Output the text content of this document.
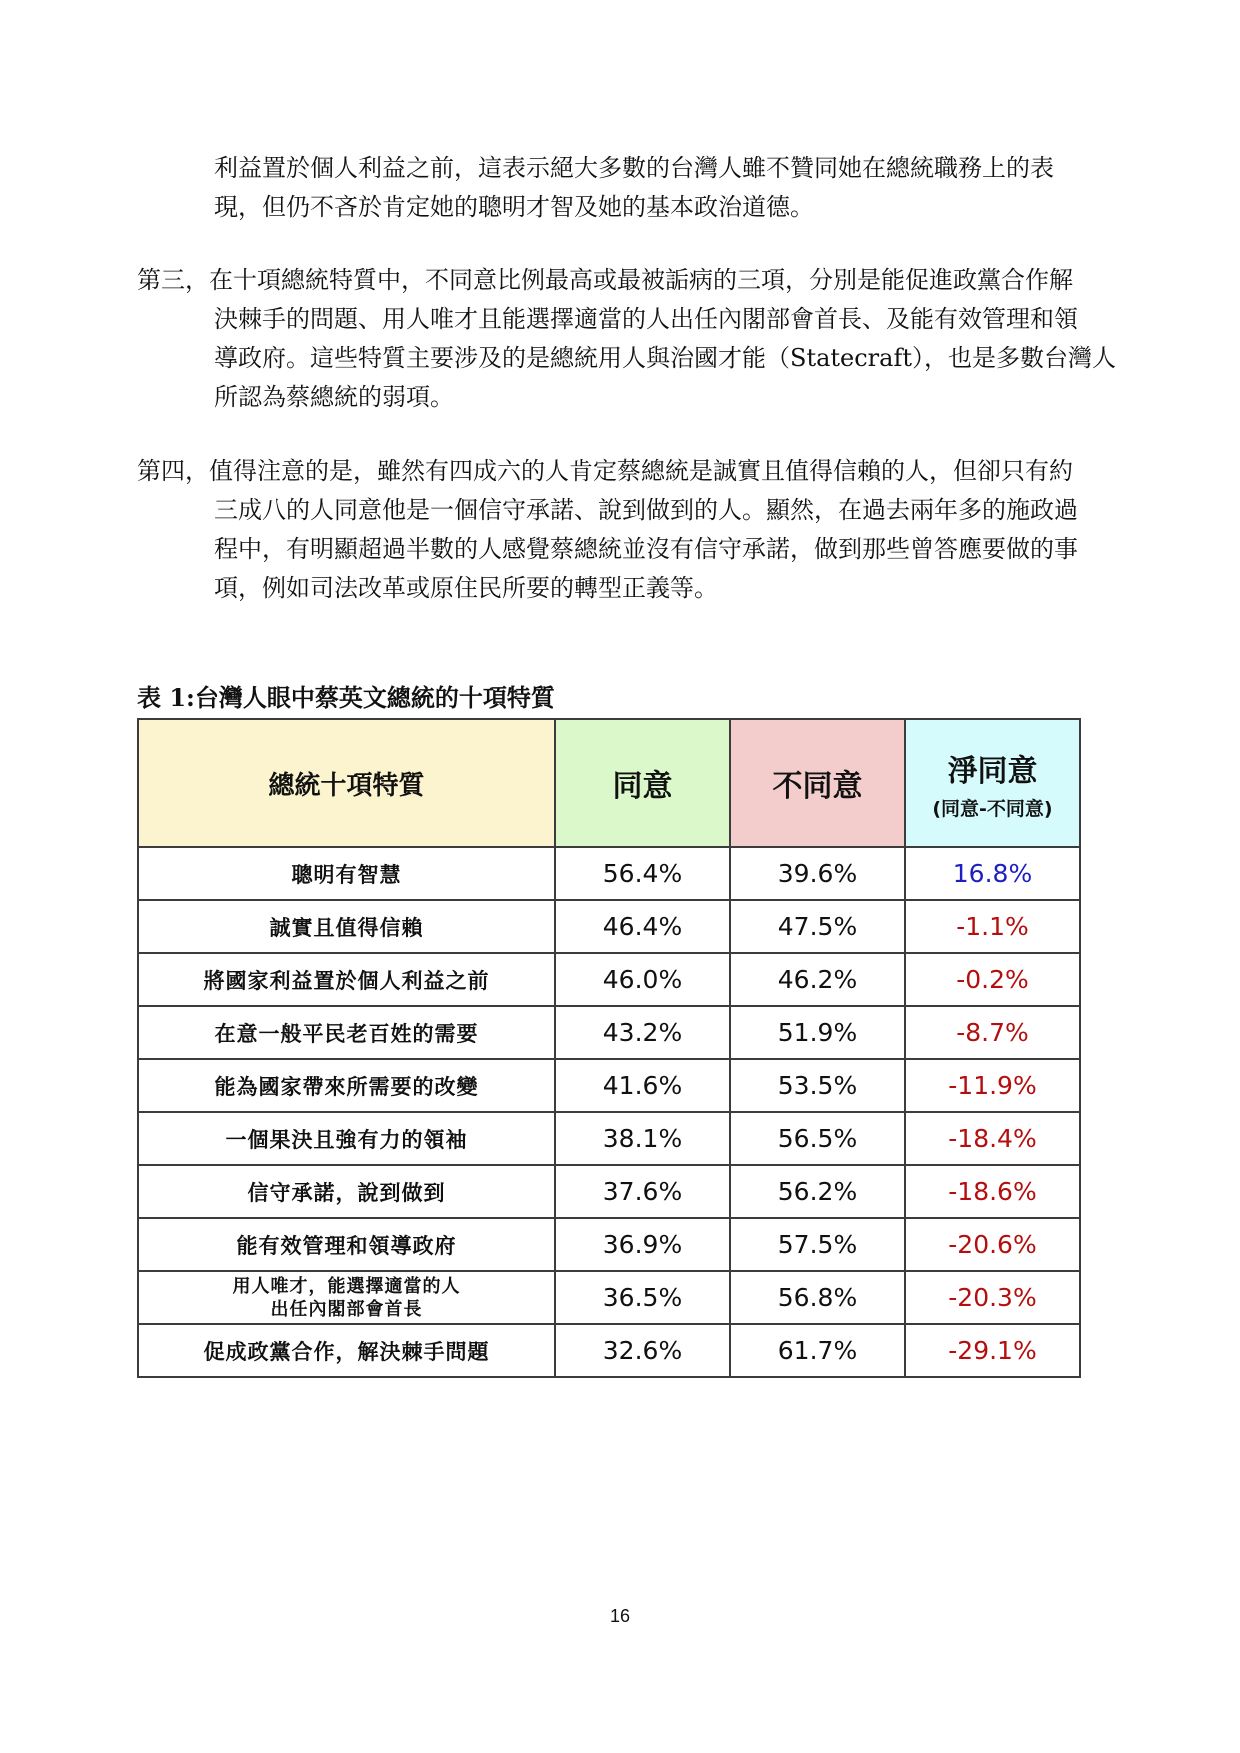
利益置於個人利益之前，這表示絕大多數的台灣人雖不贊同她在總統職務上的表
現，但仍不吝於肯定她的聰明才智及她的基本政治道德。
第三，在十項總統特質中，不同意比例最高或最被詬病的三項，分別是能促進政黨合作解
決棘手的問題、用人唯才且能選擇適當的人出任內閣部會首長、及能有效管理和領
導政府。這些特質主要涉及的是總統用人與治國才能（Statecraft），也是多數台灣人
所認為蔡總統的弱項。
第四，值得注意的是，雖然有四成六的人肯定蔡總統是誠實且值得信賴的人，但卻只有約
三成八的人同意他是一個信守承諾、說到做到的人。顯然，在過去兩年多的施政過
程中，有明顯超過半數的人感覺蔡總統並沒有信守承諾，做到那些曾答應要做的事
項，例如司法改革或原住民所要的轉型正義等。
表 1:台灣人眼中蔡英文總統的十項特質
總統十項特質	同意	不同意	淨同意
(同意-不同意)

聰明有智慧	56.4%	39.6%	16.8%

誠實且值得信賴	46.4%	47.5%	-1.1%

將國家利益置於個人利益之前	46.0%	46.2%	-0.2%

在意一般平民老百姓的需要	43.2%	51.9%	-8.7%

能為國家帶來所需要的改變	41.6%	53.5%	-11.9%

一個果決且強有力的領袖	38.1%	56.5%	-18.4%

信守承諾，說到做到	37.6%	56.2%	-18.6%

能有效管理和領導政府	36.9%	57.5%	-20.6%

用人唯才，能選擇適當的人
出任內閣部會首長	36.5%	56.8%	-20.3%

促成政黨合作，解決棘手問題	32.6%	61.7%	-29.1%
16
